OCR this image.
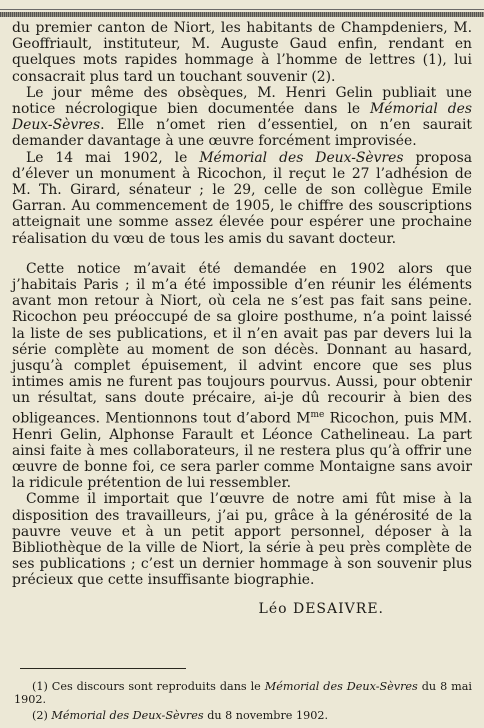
du premier canton de Niort, les habitants de Champdeniers, M. Geoffriault, instituteur, M. Auguste Gaud enfin, rendant en quelques mots rapides hommage à l’homme de lettres (1), lui consacrait plus tard un touchant souvenir (2).

Le jour même des obsèques, M. Henri Gelin publiait une notice nécrologique bien documentée dans le Mémorial des Deux-Sèvres. Elle n’omet rien d’essentiel, on n’en saurait demander davantage à une œuvre forcément improvisée.

Le 14 mai 1902, le Mémorial des Deux-Sèvres proposa d’élever un monument à Ricochon, il reçut le 27 l’adhésion de M. Th. Girard, sénateur ; le 29, celle de son collègue Emile Garran. Au commencement de 1905, le chiffre des souscriptions atteignait une somme assez élevée pour espérer une prochaine réalisation du vœu de tous les amis du savant docteur.

Cette notice m’avait été demandée en 1902 alors que j’habitais Paris ; il m’a été impossible d’en réunir les éléments avant mon retour à Niort, où cela ne s’est pas fait sans peine. Ricochon peu préoccupé de sa gloire posthume, n’a point laissé la liste de ses publications, et il n’en avait pas par devers lui la série complète au moment de son décès. Donnant au hasard, jusqu’à complet épuisement, il advint encore que ses plus intimes amis ne furent pas toujours pourvus. Aussi, pour obtenir un résultat, sans doute précaire, ai-je dû recourir à bien des obligeances. Mentionnons tout d’abord $M^{me}$ Ricochon, puis MM. Henri Gelin, Alphonse Farault et Léonce Cathelineau. La part ainsi faite à mes collaborateurs, il ne restera plus qu’à offrir une œuvre de bonne foi, ce sera parler comme Montaigne sans avoir la ridicule prétention de lui ressembler.

Comme il importait que l’œuvre de notre ami fût mise à la disposition des travailleurs, j’ai pu, grâce à la générosité de la pauvre veuve et à un petit apport personnel, déposer à la Bibliothèque de la ville de Niort, la série à peu près complète de ses publications ; c’est un dernier hommage à son souvenir plus précieux que cette insuffisante biographie.

Léo DESAIVRE.

(1) Ces discours sont reproduits dans le Mémorial des Deux-Sèvres du 8 mai 1902.

(2) Mémorial des Deux-Sèvres du 8 novembre 1902.
